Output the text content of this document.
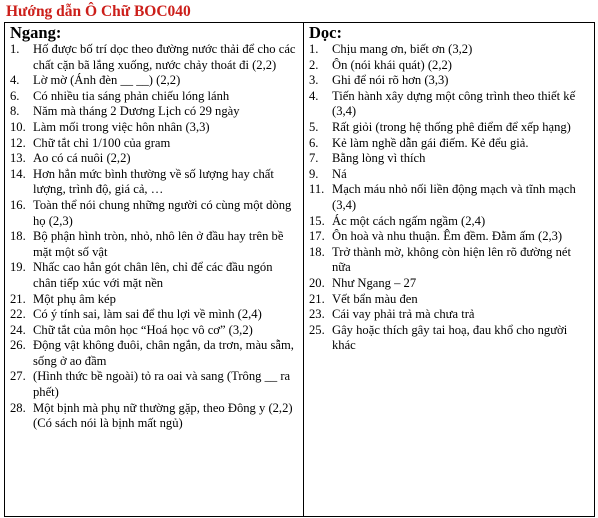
Hướng dẫn Ô Chữ BOC040
Ngang:
1.	Hố được bố trí dọc theo đường nước thải để cho các chất cặn bã lắng xuống, nước chảy thoát đi (2,2)
4.	Lờ mờ (Ánh đèn __ __) (2,2)
6.	Có nhiều tia sáng phản chiếu lóng lánh
8.	Năm mà tháng 2 Dương Lịch có 29 ngày
10. Làm mối trong việc hôn nhân (3,3)
12. Chữ tắt chỉ 1/100 của gram
13. Ao có cá nuôi (2,2)
14. Hơn hẳn mức bình thường về số lượng hay chất lượng, trình độ, giá cả, …
16. Toàn thể nói chung những người có cùng một dòng họ (2,3)
18. Bộ phận hình tròn, nhỏ, nhô lên ở đầu hay trên bề mặt một số vật
19. Nhấc cao hẳn gót chân lên, chỉ để các đầu ngón chân tiếp xúc với mặt nền
21. Một phụ âm kép
22. Có ý tính sai, làm sai để thu lợi về mình (2,4)
24. Chữ tắt của môn học “Hoá học vô cơ” (3,2)
26. Động vật không đuôi, chân ngắn, da trơn, màu sẫm, sống ở ao đầm
27. (Hình thức bề ngoài) tỏ ra oai và sang (Trông __ ra phết)
28. Một bịnh mà phụ nữ thường gặp, theo Đông y (2,2) (Có sách nói là bịnh mất ngủ)
Dọc:
1.	Chịu mang ơn, biết ơn (3,2)
2.	Ôn (nói khái quát) (2,2)
3.	Ghi để nói rõ hơn (3,3)
4.	Tiến hành xây dựng một công trình theo thiết kế (3,4)
5.	Rất giỏi (trong hệ thống phê điểm để xếp hạng)
6.	Kẻ làm nghề dẫn gái điếm. Kẻ đểu giả.
7.	Bằng lòng vì thích
9.	Ná
11. Mạch máu nhỏ nối liền động mạch và tĩnh mạch (3,4)
15. Ác một cách ngấm ngầm (2,4)
17. Ôn hoà và nhu thuận. Êm đềm. Đằm ấm (2,3)
18. Trở thành mờ, không còn hiện lên rõ đường nét nữa
20. Như Ngang – 27
21. Vết bẩn màu đen
23. Cái vay phải trả mà chưa trả
25. Gây hoặc thích gây tai hoạ, đau khổ cho người khác
